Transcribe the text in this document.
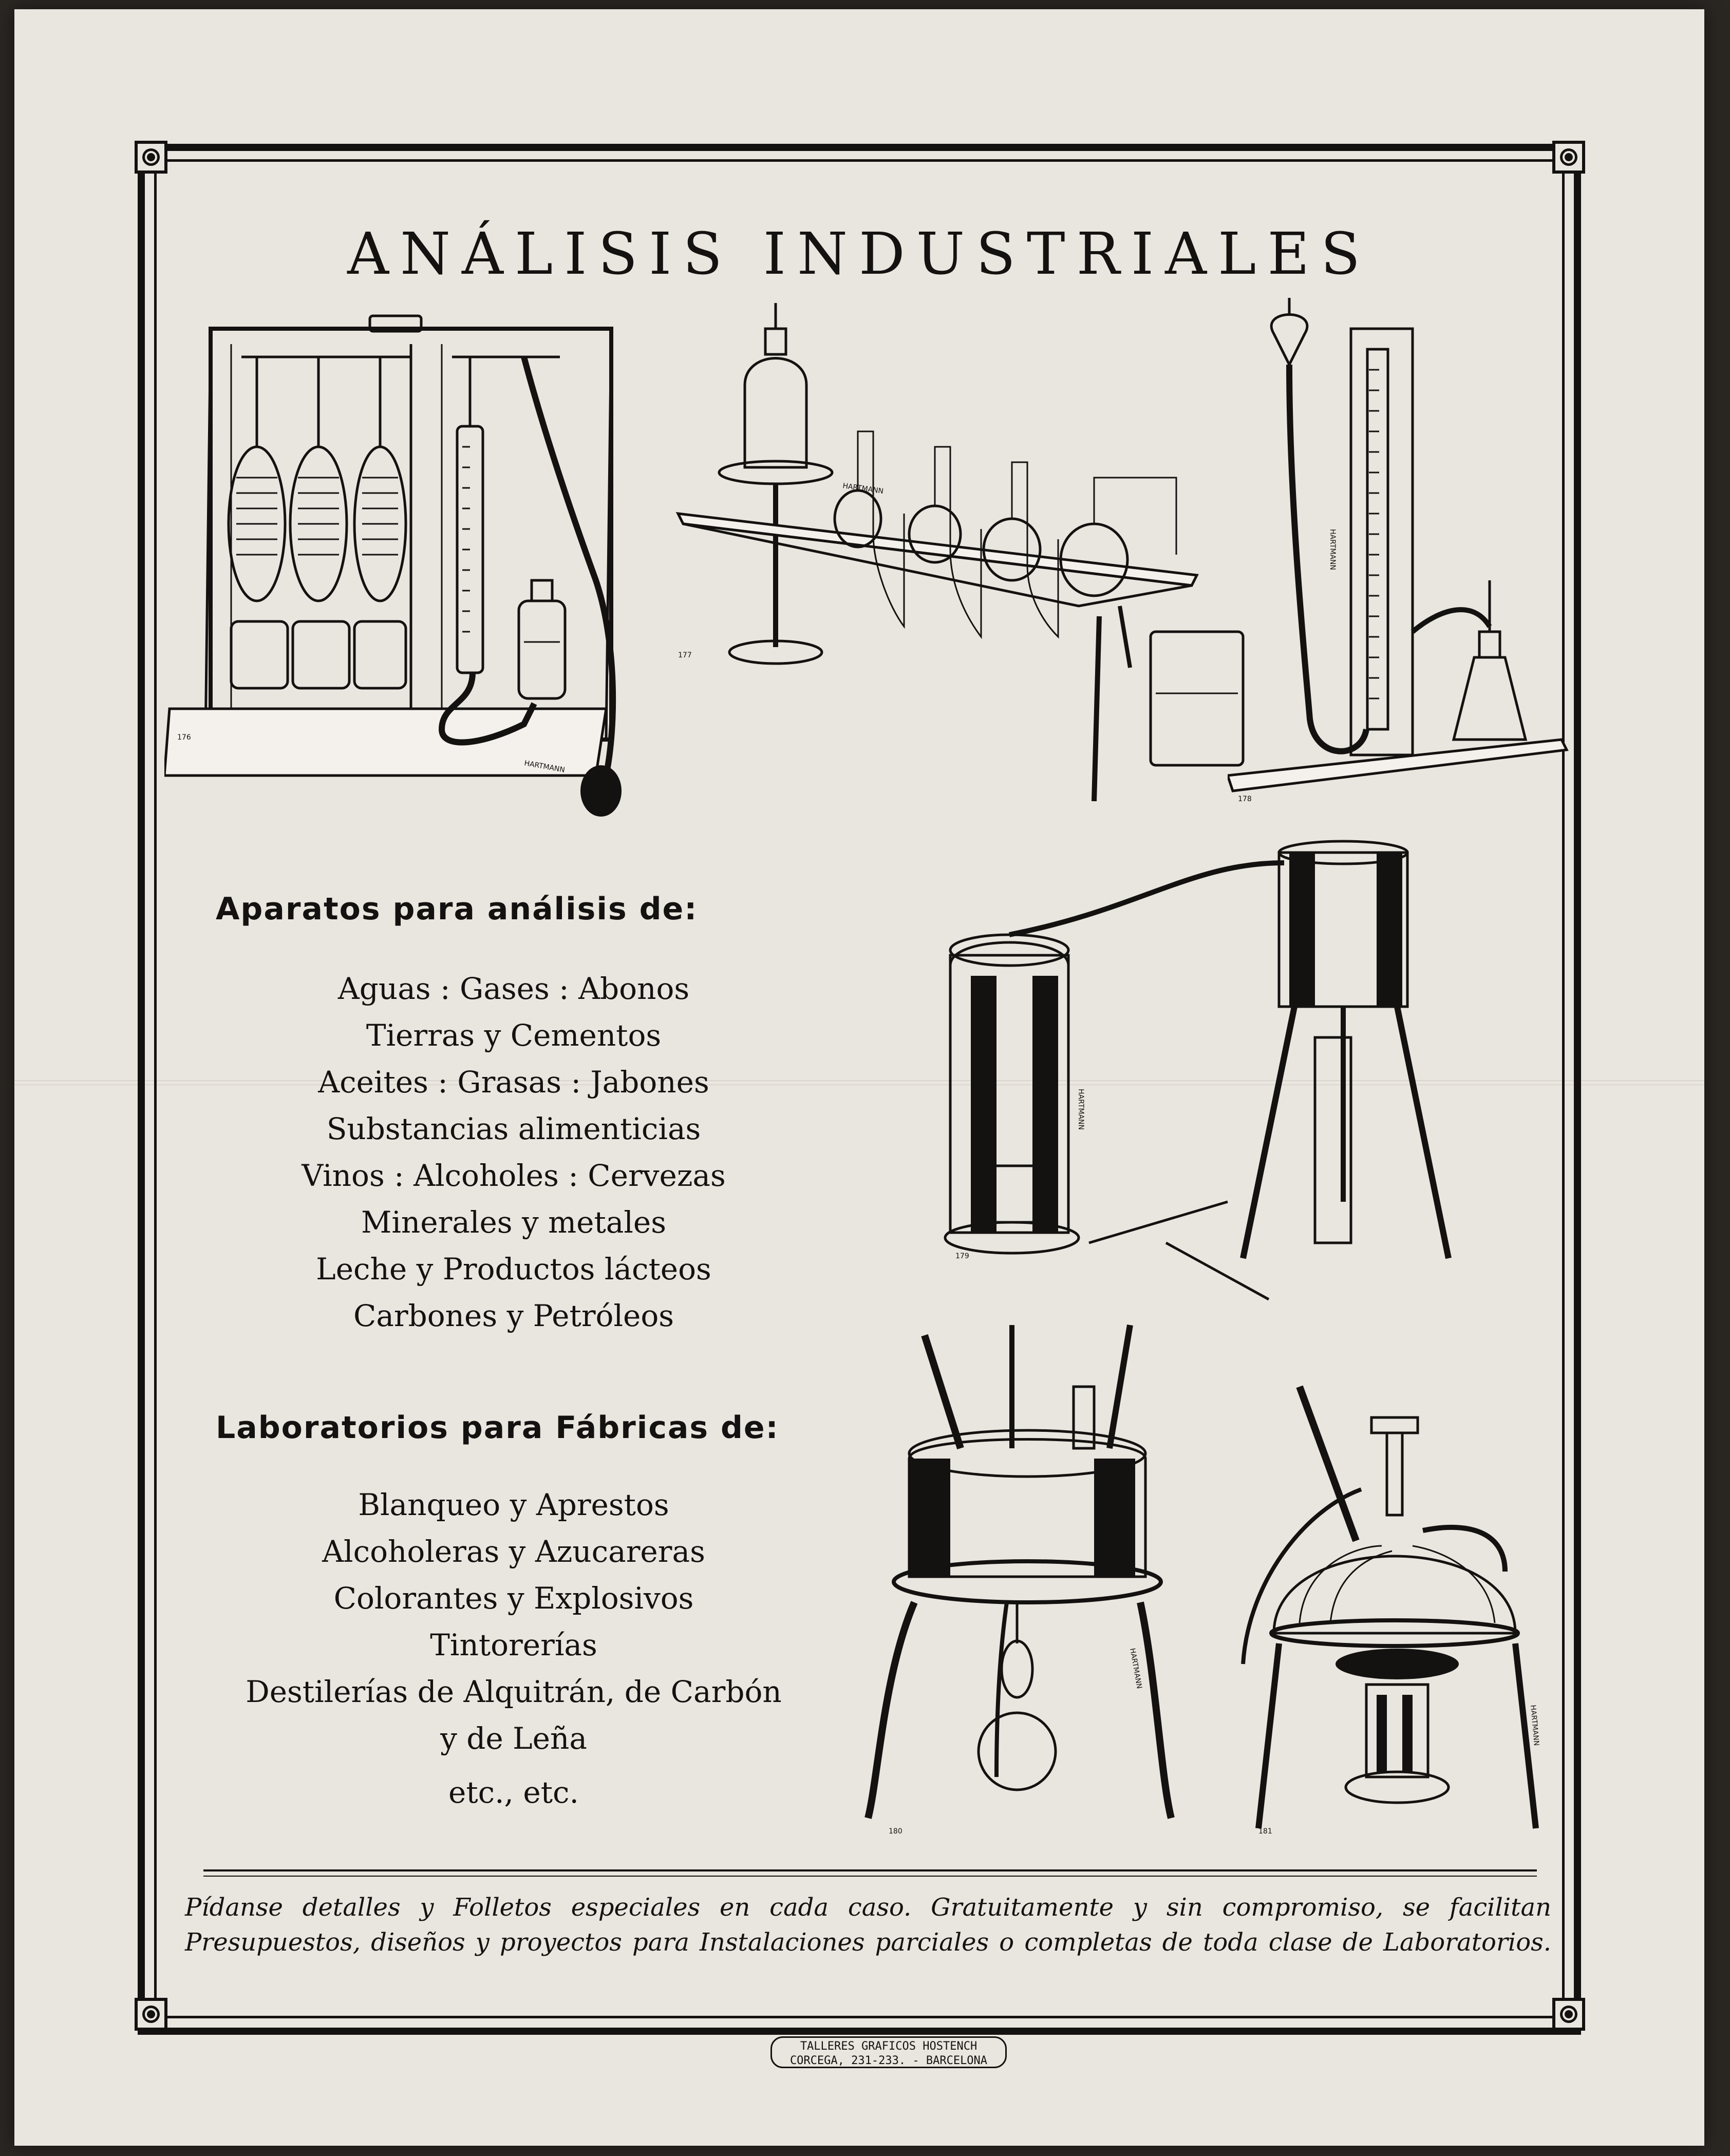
ANÁLISIS INDUSTRIALES
176
HARTMANN
177
HARTMANN
178
HARTMANN
179
HARTMANN
180
HARTMANN
181
HARTMANN
Aparatos para análisis de:
Aguas : Gases : Abonos
Tierras y Cementos
Aceites : Grasas : Jabones
Substancias alimenticias
Vinos : Alcoholes : Cervezas
Minerales y metales
Leche y Productos lácteos
Carbones y Petróleos
Laboratorios para Fábricas de:
Blanqueo y Aprestos
Alcoholeras y Azucareras
Colorantes y Explosivos
Tintorerías
Destilerías de Alquitrán, de Carbón
y de Leña
etc., etc.
Pídanse detalles y Folletos especiales en cada caso. Gratuitamente y sin compromiso, se facilitan Presupuestos, diseños y proyectos para Instalaciones parciales o completas de toda clase de Laboratorios.
TALLERES GRAFICOS HOSTENCH
CORCEGA, 231-233. - BARCELONA
